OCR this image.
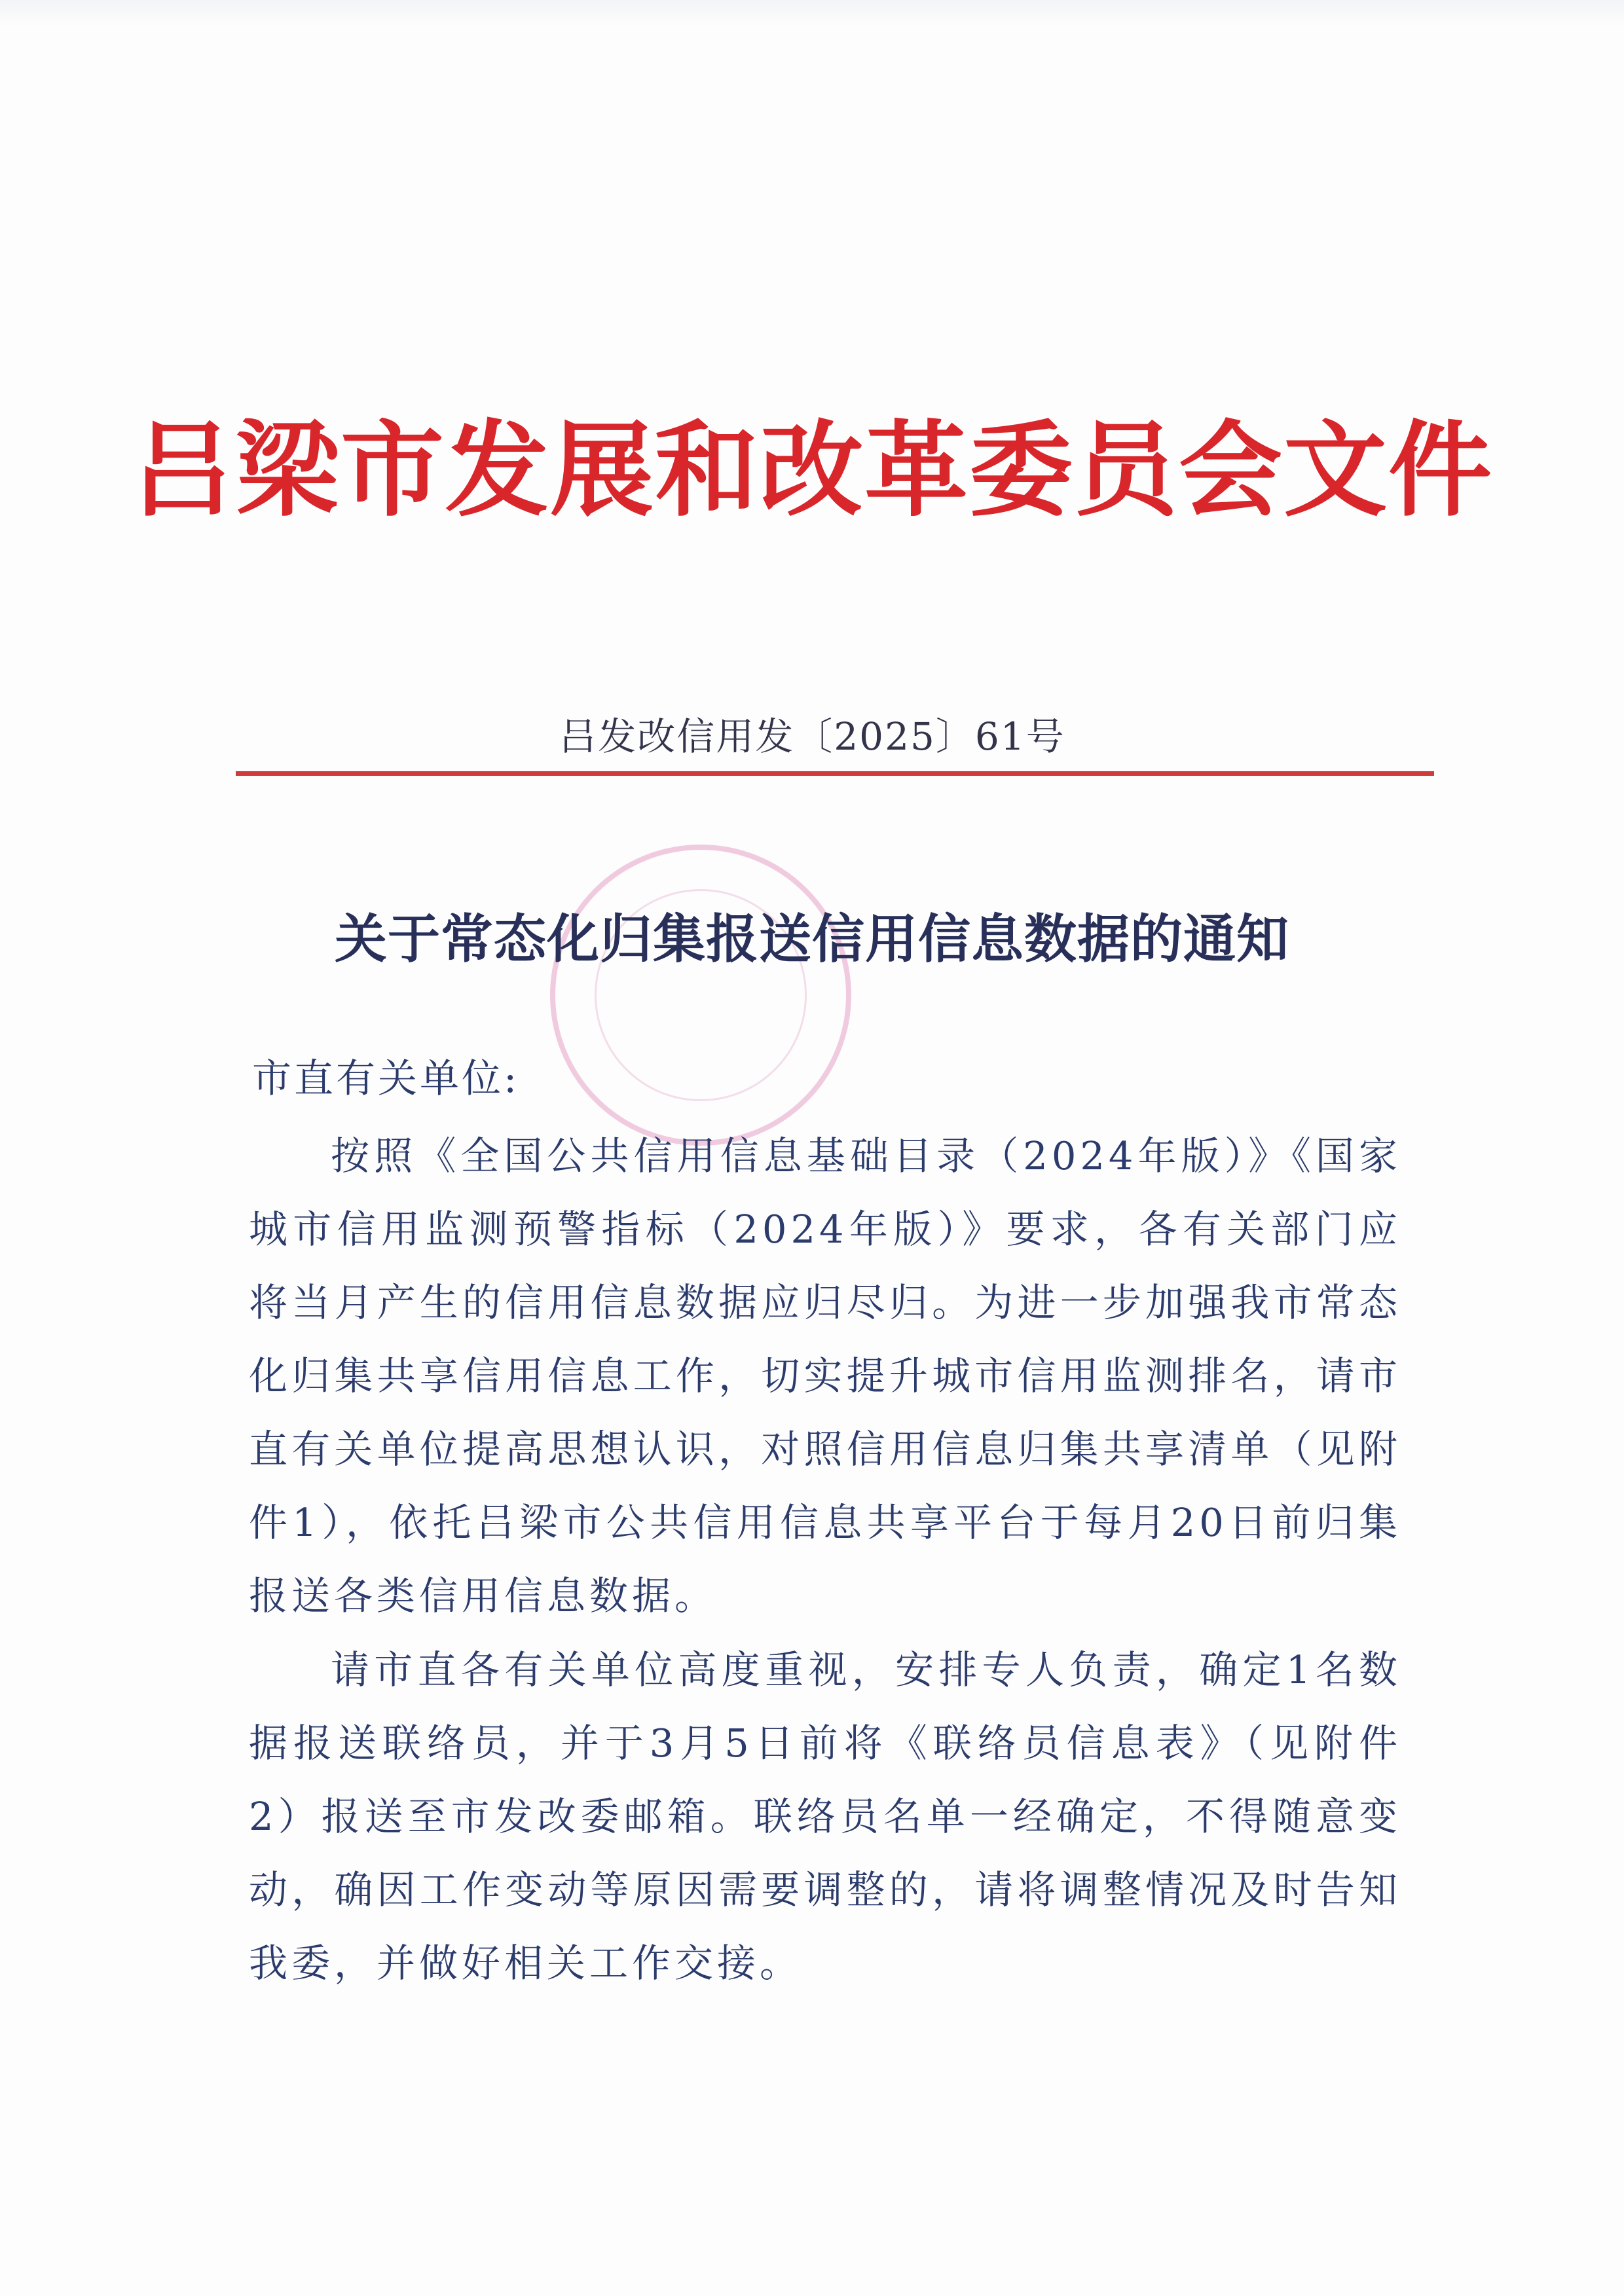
吕梁市发展和改革委员会文件
吕发改信用发〔2025〕61号
关于常态化归集报送信用信息数据的通知
市直有关单位:

按照《全国公共信用信息基础目录（2024年版）》《国家城市信用监测预警指标（2024年版）》要求，各有关部门应将当月产生的信用信息数据应归尽归。为进一步加强我市常态化归集共享信用信息工作，切实提升城市信用监测排名，请市直有关单位提高思想认识，对照信用信息归集共享清单（见附件1），依托吕梁市公共信用信息共享平台于每月20日前归集报送各类信用信息数据。

请市直各有关单位高度重视，安排专人负责，确定1名数据报送联络员，并于3月5日前将《联络员信息表》（见附件2）报送至市发改委邮箱。联络员名单一经确定，不得随意变动，确因工作变动等原因需要调整的，请将调整情况及时告知我委，并做好相关工作交接。
